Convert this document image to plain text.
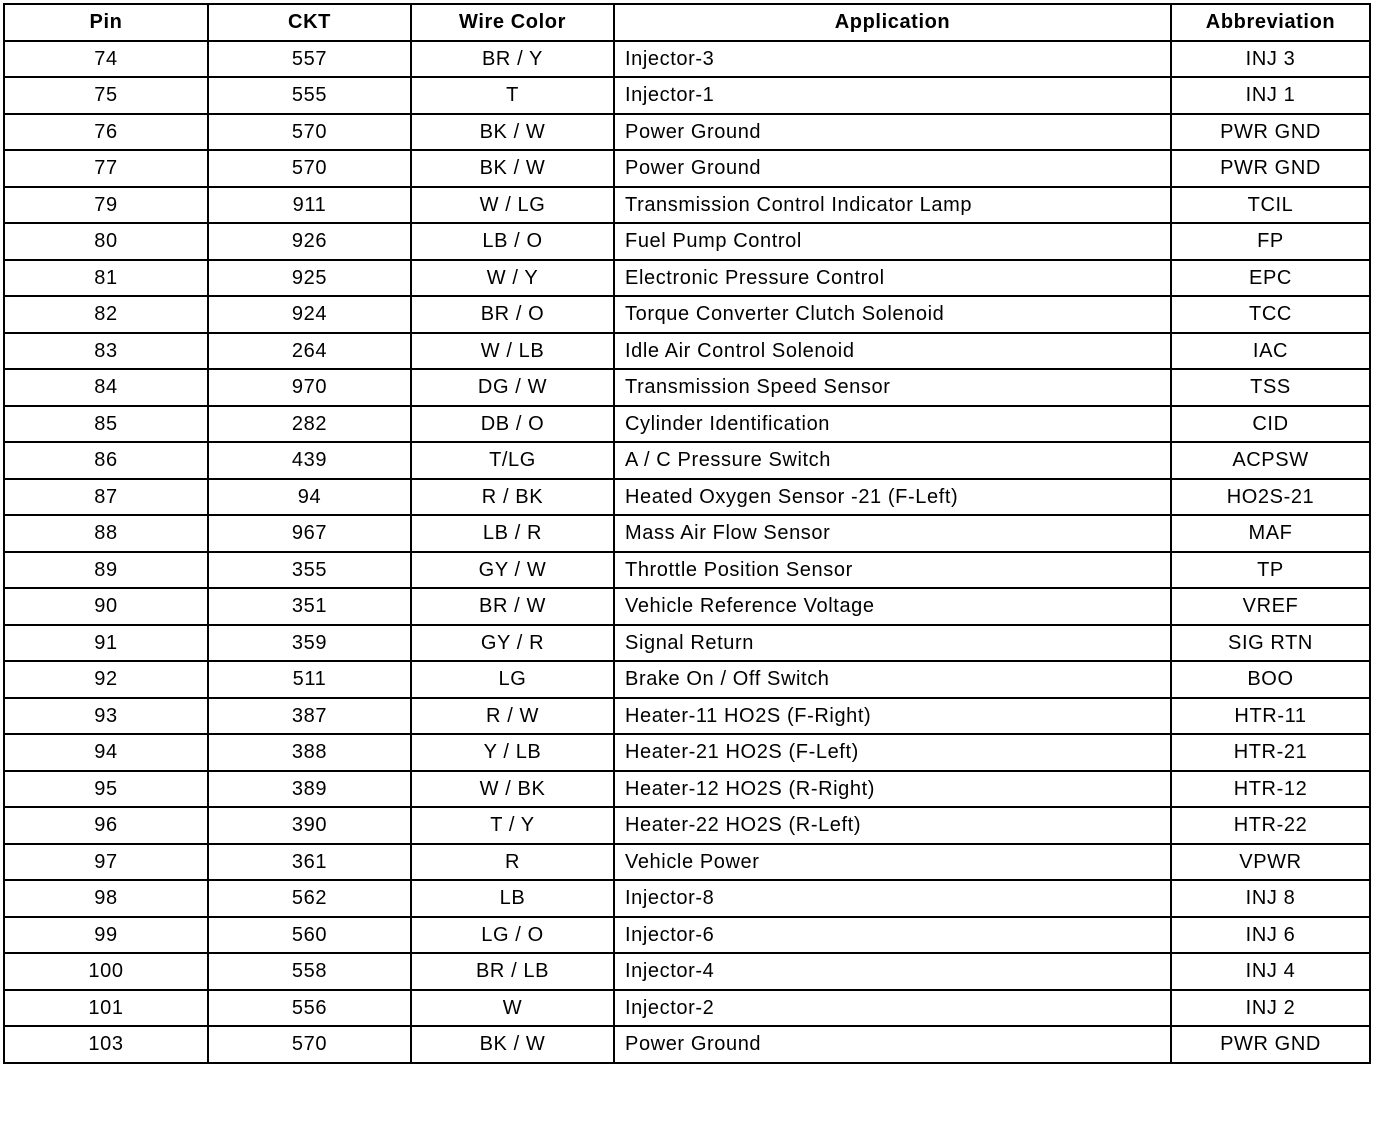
Pin	CKT	Wire Color	Application	Abbreviation
74	557	BR / Y	Injector-3	INJ 3
75	555	T	Injector-1	INJ 1
76	570	BK / W	Power Ground	PWR GND
77	570	BK / W	Power Ground	PWR GND
79	911	W / LG	Transmission Control Indicator Lamp	TCIL
80	926	LB / O	Fuel Pump Control	FP
81	925	W / Y	Electronic Pressure Control	EPC
82	924	BR / O	Torque Converter Clutch Solenoid	TCC
83	264	W / LB	Idle Air Control Solenoid	IAC
84	970	DG / W	Transmission Speed Sensor	TSS
85	282	DB / O	Cylinder Identification	CID
86	439	T/LG	A / C Pressure Switch	ACPSW
87	94	R / BK	Heated Oxygen Sensor -21 (F-Left)	HO2S-21
88	967	LB / R	Mass Air Flow Sensor	MAF
89	355	GY / W	Throttle Position Sensor	TP
90	351	BR / W	Vehicle Reference Voltage	VREF
91	359	GY / R	Signal Return	SIG RTN
92	511	LG	Brake On / Off Switch	BOO
93	387	R / W	Heater-11 HO2S (F-Right)	HTR-11
94	388	Y / LB	Heater-21 HO2S (F-Left)	HTR-21
95	389	W / BK	Heater-12 HO2S (R-Right)	HTR-12
96	390	T / Y	Heater-22 HO2S (R-Left)	HTR-22
97	361	R	Vehicle Power	VPWR
98	562	LB	Injector-8	INJ 8
99	560	LG / O	Injector-6	INJ 6
100	558	BR / LB	Injector-4	INJ 4
101	556	W	Injector-2	INJ 2
103	570	BK / W	Power Ground	PWR GND
